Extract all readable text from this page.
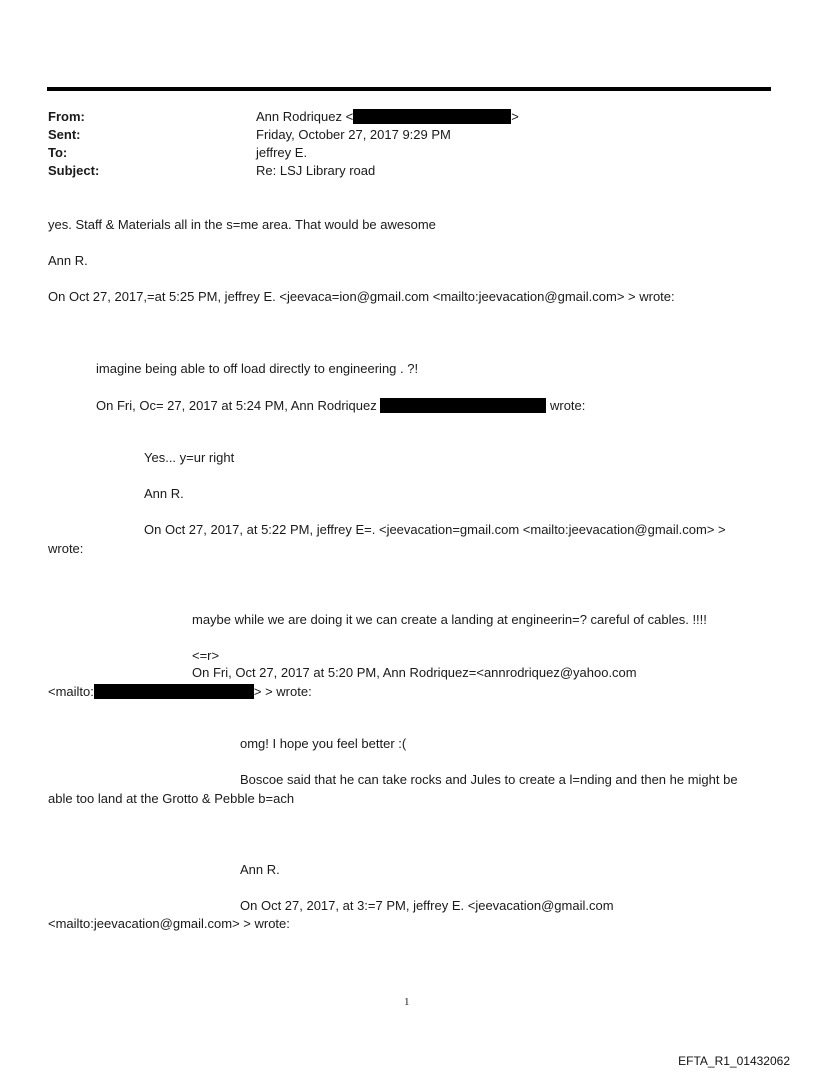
From:	Ann Rodriquez <	>
Sent:	Friday, October 27, 2017 9:29 PM
To:	jeffrey E.
Subject:	Re: LSJ Library road
yes. Staff & Materials all in the s=me area. That would be awesome
Ann R.
On Oct 27, 2017,=at 5:25 PM, jeffrey E. <jeevaca=ion@gmail.com <mailto:jeevacation@gmail.com> > wrote:
imagine being able to off load directly to engineering . ?!
On Fri, Oc= 27, 2017 at 5:24 PM, Ann Rodriquez	wrote:
Yes... y=ur right
Ann R.
On Oct 27, 2017, at 5:22 PM, jeffrey E=. <jeevacation=gmail.com <mailto:jeevacation@gmail.com> >
wrote:
maybe while we are doing it we can create a landing at engineerin=? careful of cables. !!!!
<=r>
On Fri, Oct 27, 2017 at 5:20 PM, Ann Rodriquez=<annrodriquez@yahoo.com
<mailto:	> > wrote:
omg! I hope you feel better :(
Boscoe said that he can take rocks and Jules to create a l=nding and then he might be
able too land at the Grotto & Pebble b=ach
Ann R.
On Oct 27, 2017, at 3:=7 PM, jeffrey E. <jeevacation@gmail.com
<mailto:jeevacation@gmail.com> > wrote:
1
EFTA_R1_01432062
